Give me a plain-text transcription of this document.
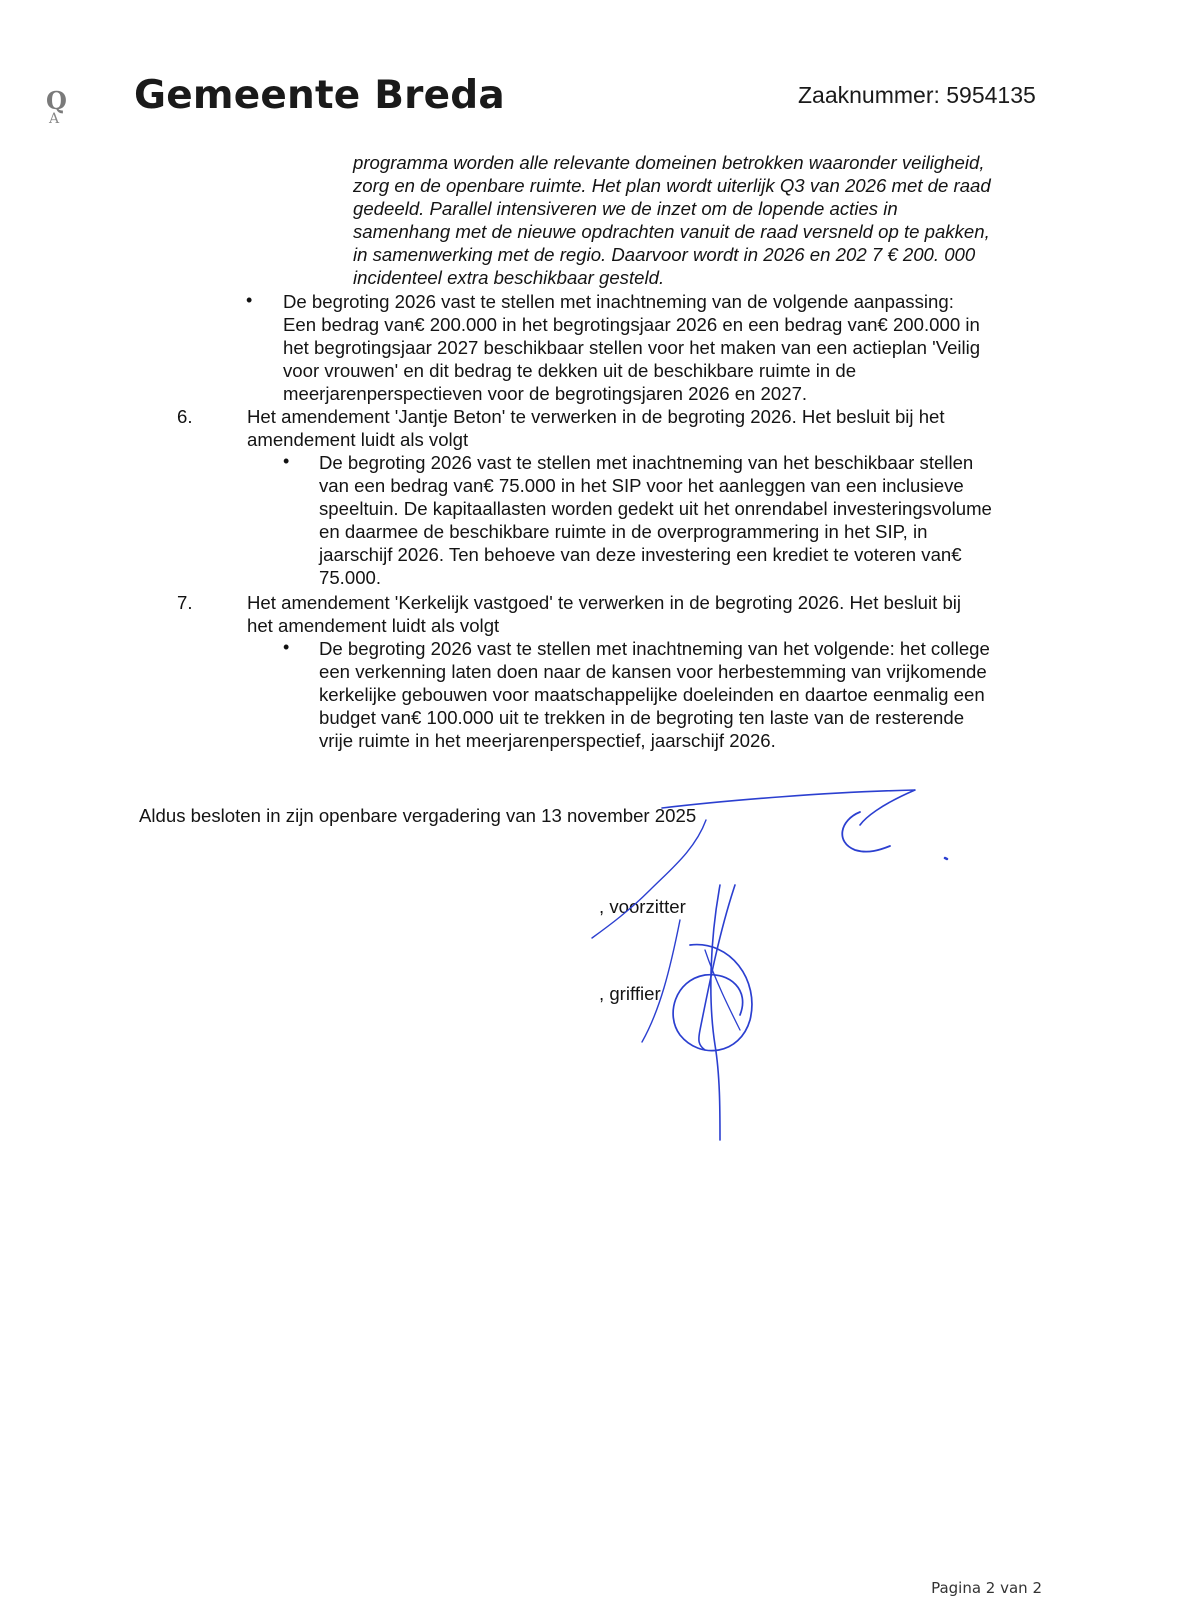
Q
A
Gemeente Breda	Zaaknummer: 5954135
programma worden alle relevante domeinen betrokken waaronder veiligheid,
zorg en de openbare ruimte. Het plan wordt uiterlijk Q3 van 2026 met de raad
gedeeld. Parallel intensiveren we de inzet om de lopende acties in
samenhang met de nieuwe opdrachten vanuit de raad versneld op te pakken,
in samenwerking met de regio. Daarvoor wordt in 2026 en 202 7 € 200. 000
incidenteel extra beschikbaar gesteld.
• De begroting 2026 vast te stellen met inachtneming van de volgende aanpassing:
Een bedrag van€ 200.000 in het begrotingsjaar 2026 en een bedrag van€ 200.000 in
het begrotingsjaar 2027 beschikbaar stellen voor het maken van een actieplan 'Veilig
voor vrouwen' en dit bedrag te dekken uit de beschikbare ruimte in de
meerjarenperspectieven voor de begrotingsjaren 2026 en 2027.
6.	Het amendement 'Jantje Beton' te verwerken in de begroting 2026. Het besluit bij het
amendement luidt als volgt
• De begroting 2026 vast te stellen met inachtneming van het beschikbaar stellen
van een bedrag van€ 75.000 in het SIP voor het aanleggen van een inclusieve
speeltuin. De kapitaallasten worden gedekt uit het onrendabel investeringsvolume
en daarmee de beschikbare ruimte in de overprogrammering in het SIP, in
jaarschijf 2026. Ten behoeve van deze investering een krediet te voteren van€
75.000.
7.	Het amendement 'Kerkelijk vastgoed' te verwerken in de begroting 2026. Het besluit bij
het amendement luidt als volgt
• De begroting 2026 vast te stellen met inachtneming van het volgende: het college
een verkenning laten doen naar de kansen voor herbestemming van vrijkomende
kerkelijke gebouwen voor maatschappelijke doeleinden en daartoe eenmalig een
budget van€ 100.000 uit te trekken in de begroting ten laste van de resterende
vrije ruimte in het meerjarenperspectief, jaarschijf 2026.
Aldus besloten in zijn openbare vergadering van 13 november 2025
, voorzitter
, griffier
Pagina 2 van 2
